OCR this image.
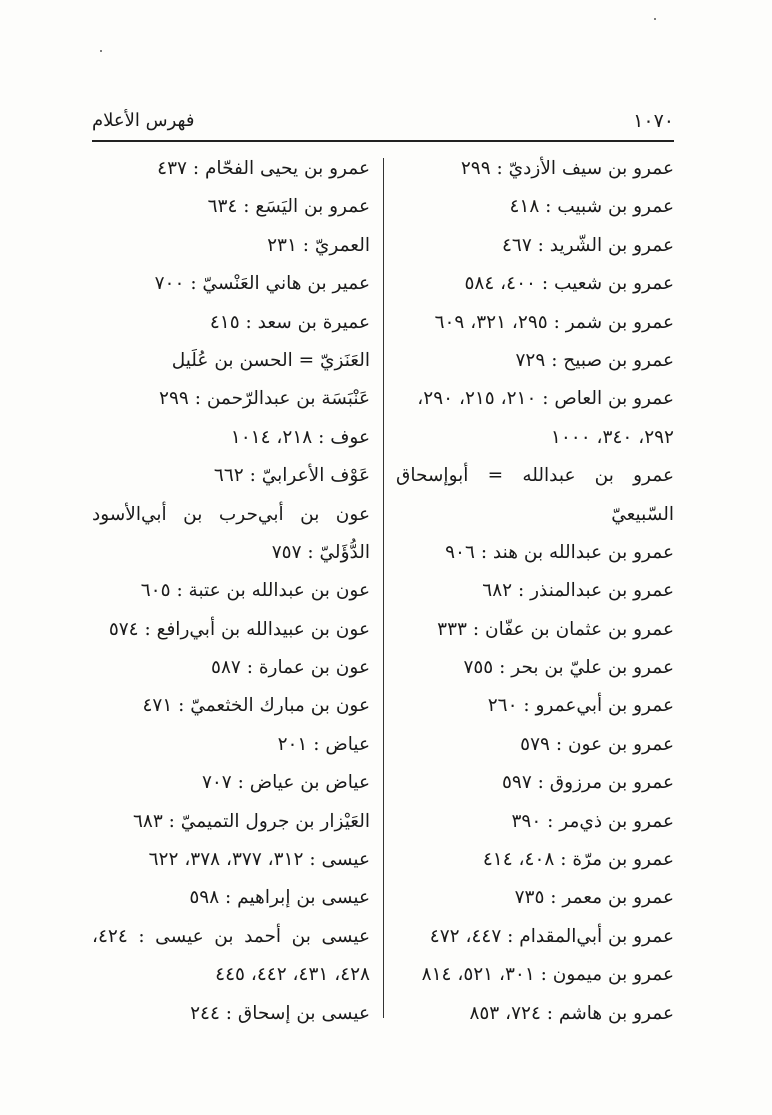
١٠٧٠
فهرس الأعلام
عمرو بن سيف الأزديّ : ٢٩٩
عمرو بن شبيب : ٤١٨
عمرو بن الشّريد : ٤٦٧
عمرو بن شعيب : ٤٠٠، ٥٨٤
عمرو بن شمر : ٢٩٥، ٣٢١، ٦٠٩
عمرو بن صبيح : ٧٢٩
عمرو بن العاص : ٢١٠، ٢١٥، ٢٩٠،
٢٩٢، ٣٤٠، ١٠٠٠
عمرو بن عبدالله = أبوإسحاق
السّبيعيّ
عمرو بن عبدالله بن هند : ٩٠٦
عمرو بن عبدالمنذر : ٦٨٢
عمرو بن عثمان بن عفّان : ٣٣٣
عمرو بن عليّ بن بحر : ٧٥٥
عمرو بن أبي‌عمرو : ٢٦٠
عمرو بن عون : ٥٧٩
عمرو بن مرزوق : ٥٩٧
عمرو بن ذي‌مر : ٣٩٠
عمرو بن مرّة : ٤٠٨، ٤١٤
عمرو بن معمر : ٧٣٥
عمرو بن أبي‌المقدام : ٤٤٧، ٤٧٢
عمرو بن ميمون : ٣٠١، ٥٢١، ٨١٤
عمرو بن هاشم : ٧٢٤، ٨٥٣
عمرو بن يحيى الفحّام : ٤٣٧
عمرو بن اليَسَع : ٦٣٤
العمريّ : ٢٣١
عمير بن هاني العَنْسيّ : ٧٠٠
عميرة بن سعد : ٤١٥
العَنَزيّ = الحسن بن عُلَيل
عَنْبَسَة بن عبدالرّحمن : ٢٩٩
عوف : ٢١٨، ١٠١٤
عَوْف الأعرابيّ : ٦٦٢
عون بن أبي‌حرب بن أبي‌الأسود
الدُّؤَليّ : ٧٥٧
عون بن عبدالله بن عتبة : ٦٠٥
عون بن عبيدالله بن أبي‌رافع : ٥٧٤
عون بن عمارة : ٥٨٧
عون بن مبارك الخثعميّ : ٤٧١
عياض : ٢٠١
عياض بن عياض : ٧٠٧
العَيْزار بن جرول التميميّ : ٦٨٣
عيسى : ٣١٢، ٣٧٧، ٣٧٨، ٦٢٢
عيسى بن إبراهيم : ٥٩٨
عيسى بن أحمد بن عيسى : ٤٢٤،
٤٢٨، ٤٣١، ٤٤٢، ٤٤٥
عيسى بن إسحاق : ٢٤٤
